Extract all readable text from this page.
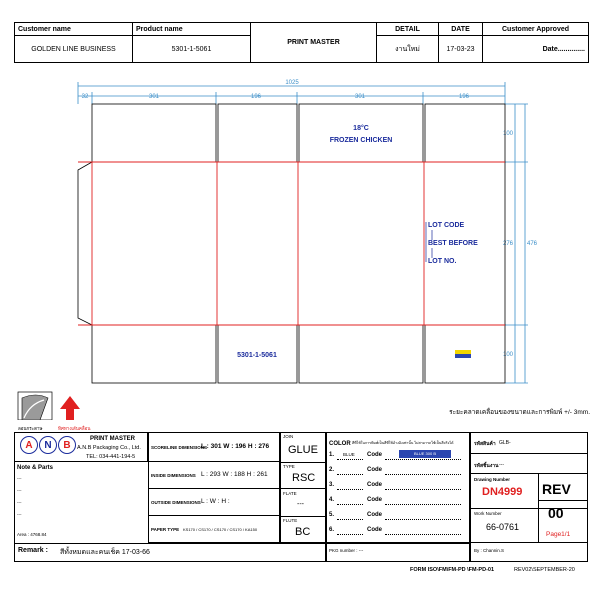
Customer name	Product name	PRINT MASTER	DETAIL	DATE	Customer Approved
GOLDEN LINE BUSINESS	5301-1-5061		งานใหม่	17-03-23	Date..............
1025
32	301	196	301	196
100
276
100
476
18°C
FROZEN CHICKEN
LOT CODE
BEST BEFORE
LOT NO.
5301-1-5061
ระยะคลาดเคลื่อนของขนาดและการพิมพ์ +/- 3mm.
ลอนกระดาษ	ทิศทางเส้นคลื่อน
A	N	B
PRINT MASTER
A.N.B Packaging Co., Ltd.
TEL: 034-441-194-5
Note & Parts
---
---
---
---
Area : 4768.84
Remark : สีทั้งหมดและคนเช็ค 17-03-66
SCORELINE DIMENSIONS
L : 301 W : 196 H : 276
INSIDE DIMENSIONS L : 293 W : 188 H : 261
OUTSIDE DIMENSIONS L : W : H :
PAPER TYPE KS170 / CS170 / CS170 / CS170 / KA150
JOIN
GLUE
TYPE
RSC
FLATE
---
FLUTE
BC
COLOR สีที่ใช้ในการพิมพ์เป็นสีที่ใช้อ้างอิงเท่านั้น ไม่สามารถใช้เป็นสีจริงได้
1. BLUE Code	BLUE 300 B
2.	Code
3.	Code
4.	Code
5.	Code
6.	Code
PKG number : ---
รหัสสินค้า GLB-
รหัสชิ้นงาน ---
Drawing Number
DN4999 REV
Work Number
66-0761
00
Page1/1
By : Channin.S
FORM ISO\FM\FM-PD \FM-PD-01	REV02\SEPTEMBER-20
